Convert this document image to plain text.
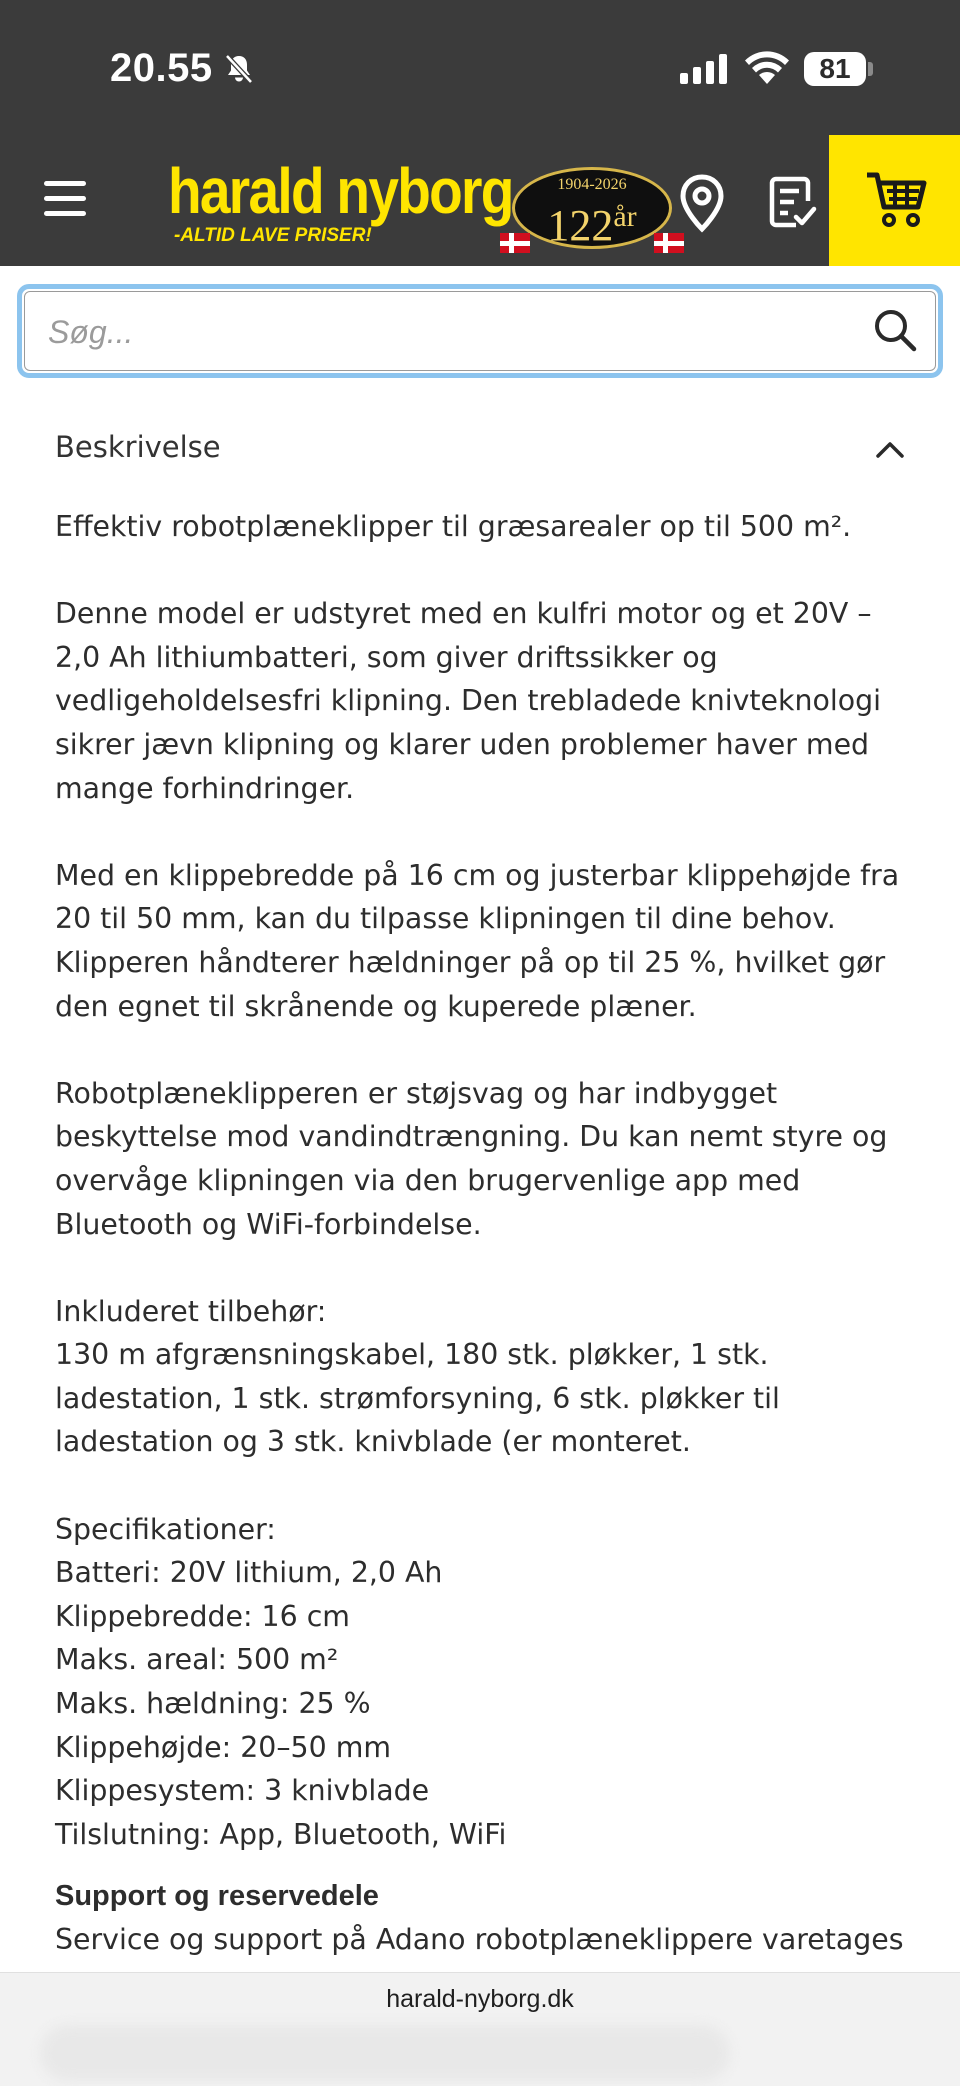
20.55	81
harald nyborg
-ALTID LAVE PRISER!
1904-2026
$122^{år}$
Søg...
Beskrivelse

Effektiv robotplæneklipper til græsarealer op til 500 m².

Denne model er udstyret med en kulfri motor og et 20V –
2,0 Ah lithiumbatteri, som giver driftssikker og
vedligeholdelsesfri klipning. Den trebladede knivteknologi
sikrer jævn klipning og klarer uden problemer haver med
mange forhindringer.

Med en klippebredde på 16 cm og justerbar klippehøjde fra
20 til 50 mm, kan du tilpasse klipningen til dine behov.
Klipperen håndterer hældninger på op til 25 %, hvilket gør
den egnet til skrånende og kuperede plæner.

Robotplæneklipperen er støjsvag og har indbygget
beskyttelse mod vandindtrængning. Du kan nemt styre og
overvåge klipningen via den brugervenlige app med
Bluetooth og WiFi-forbindelse.

Inkluderet tilbehør:
130 m afgrænsningskabel, 180 stk. pløkker, 1 stk.
ladestation, 1 stk. strømforsyning, 6 stk. pløkker til
ladestation og 3 stk. knivblade (er monteret.

Specifikationer:
Batteri: 20V lithium, 2,0 Ah
Klippebredde: 16 cm
Maks. areal: 500 m²
Maks. hældning: 25 %
Klippehøjde: 20–50 mm
Klippesystem: 3 knivblade
Tilslutning: App, Bluetooth, WiFi

Support og reservedele
Service og support på Adano robotplæneklippere varetages
harald-nyborg.dk
